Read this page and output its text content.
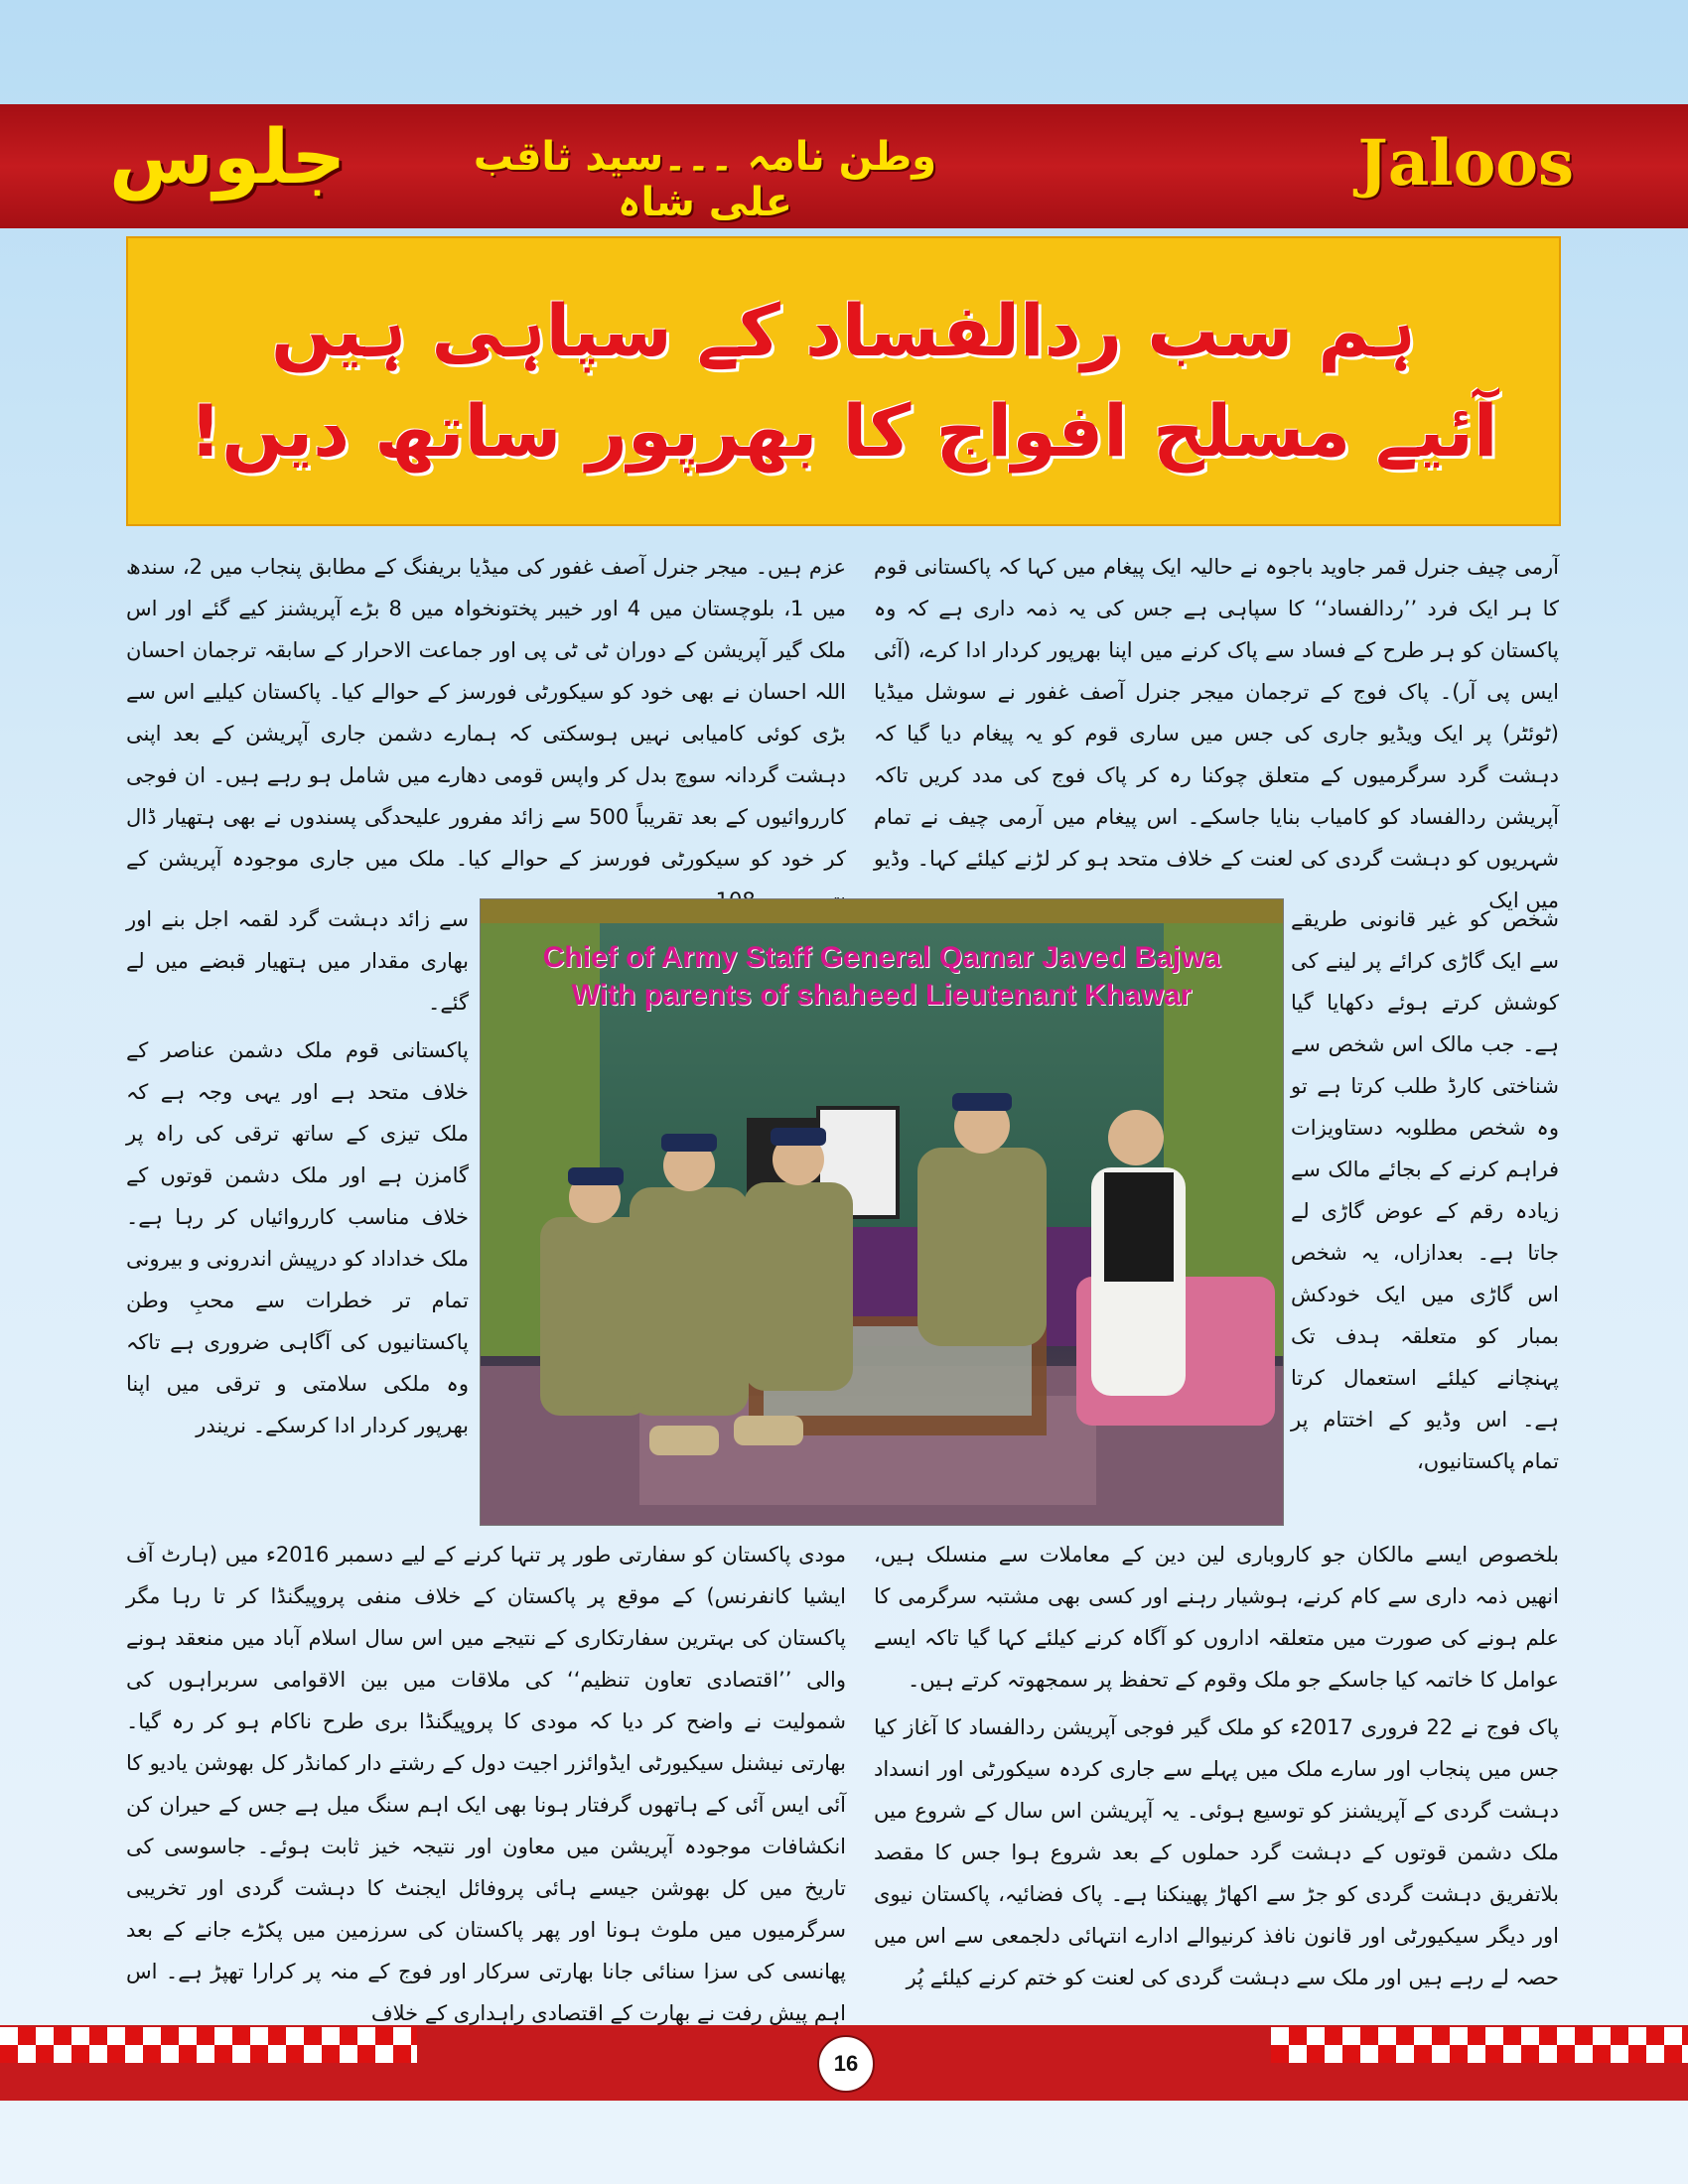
جلوس	وطن نامہ ۔۔۔سید ثاقب علی شاہ
Jaloos
ہم سب ردالفساد کے سپاہی ہیں
آئیے مسلح افواج کا بھرپور ساتھ دیں!

آرمی چیف جنرل قمر جاوید باجوہ نے حالیہ ایک پیغام میں کہا کہ پاکستانی قوم کا ہر ایک فرد ’’ردالفساد‘‘ کا سپاہی ہے جس کی یہ ذمہ داری ہے کہ وہ پاکستان کو ہر طرح کے فساد سے پاک کرنے میں اپنا بھرپور کردار ادا کرے، (آئی ایس پی آر)۔ پاک فوج کے ترجمان میجر جنرل آصف غفور نے سوشل میڈیا (ٹوئٹر) پر ایک ویڈیو جاری کی جس میں ساری قوم کو یہ پیغام دیا گیا کہ دہشت گرد سرگرمیوں کے متعلق چوکنا رہ کر پاک فوج کی مدد کریں تاکہ آپریشن ردالفساد کو کامیاب بنایا جاسکے۔ اس پیغام میں آرمی چیف نے تمام شہریوں کو دہشت گردی کی لعنت کے خلاف متحد ہو کر لڑنے کیلئے کہا۔ وڈیو میں ایک

شخص کو غیر قانونی طریقے سے ایک گاڑی کرائے پر لینے کی کوشش کرتے ہوئے دکھایا گیا ہے۔ جب مالک اس شخص سے شناختی کارڈ طلب کرتا ہے تو وہ شخص مطلوبہ دستاویزات فراہم کرنے کے بجائے مالک سے زیادہ رقم کے عوض گاڑی لے جاتا ہے۔ بعدازاں، یہ شخص اس گاڑی میں ایک خودکش بمبار کو متعلقہ ہدف تک پہنچانے کیلئے استعمال کرتا ہے۔ اس وڈیو کے اختتام پر تمام پاکستانیوں،

بلخصوص ایسے مالکان جو کاروباری لین دین کے معاملات سے منسلک ہیں، انھیں ذمہ داری سے کام کرنے، ہوشیار رہنے اور کسی بھی مشتبہ سرگرمی کا علم ہونے کی صورت میں متعلقہ اداروں کو آگاہ کرنے کیلئے کہا گیا تاکہ ایسے عوامل کا خاتمہ کیا جاسکے جو ملک وقوم کے تحفظ پر سمجھوتہ کرتے ہیں۔

پاک فوج نے 22 فروری 2017ء کو ملک گیر فوجی آپریشن ردالفساد کا آغاز کیا جس میں پنجاب اور سارے ملک میں پہلے سے جاری کردہ سیکورٹی اور انسداد دہشت گردی کے آپریشنز کو توسیع ہوئی۔ یہ آپریشن اس سال کے شروع میں ملک دشمن قوتوں کے دہشت گرد حملوں کے بعد شروع ہوا جس کا مقصد بلاتفریق دہشت گردی کو جڑ سے اکھاڑ پھینکنا ہے۔ پاک فضائیہ، پاکستان نیوی اور دیگر سیکیورٹی اور قانون نافذ کرنیوالے ادارے انتہائی دلجمعی سے اس میں حصہ لے رہے ہیں اور ملک سے دہشت گردی کی لعنت کو ختم کرنے کیلئے پُر

عزم ہیں۔ میجر جنرل آصف غفور کی میڈیا بریفنگ کے مطابق پنجاب میں 2، سندھ میں 1، بلوچستان میں 4 اور خیبر پختونخواہ میں 8 بڑے آپریشنز کیے گئے اور اس ملک گیر آپریشن کے دوران ٹی ٹی پی اور جماعت الاحرار کے سابقہ ترجمان احسان اللہ احسان نے بھی خود کو سیکورٹی فورسز کے حوالے کیا۔ پاکستان کیلیے اس سے بڑی کوئی کامیابی نہیں ہوسکتی کہ ہمارے دشمن جاری آپریشن کے بعد اپنی دہشت گردانہ سوچ بدل کر واپس قومی دھارے میں شامل ہو رہے ہیں۔ ان فوجی کارروائیوں کے بعد تقریباً 500 سے زائد مفرور علیحدگی پسندوں نے بھی ہتھیار ڈال کر خود کو سیکورٹی فورسز کے حوالے کیا۔ ملک میں جاری موجودہ آپریشن کے

سے زائد دہشت گرد لقمہ اجل بنے اور بھاری مقدار میں ہتھیار قبضے میں لے گئے۔

پاکستانی قوم ملک دشمن عناصر کے خلاف متحد ہے اور یہی وجہ ہے کہ ملک تیزی کے ساتھ ترقی کی راہ پر گامزن ہے اور ملک دشمن قوتوں کے خلاف مناسب کارروائیاں کر رہا ہے۔ ملک خداداد کو درپیش اندرونی و بیرونی تمام تر خطرات سے محبِ وطن پاکستانیوں کی آگاہی ضروری ہے تاکہ وہ ملکی سلامتی و ترقی میں اپنا بھرپور کردار ادا کرسکے۔ نریندر

مودی پاکستان کو سفارتی طور پر تنہا کرنے کے لیے دسمبر 2016ء میں (ہارٹ آف ایشیا کانفرنس) کے موقع پر پاکستان کے خلاف منفی پروپیگنڈا کر تا رہا مگر پاکستان کی بہترین سفارتکاری کے نتیجے میں اس سال اسلام آباد میں منعقد ہونے والی ’’اقتصادی تعاون تنظیم‘‘ کی ملاقات میں بین الاقوامی سربراہوں کی شمولیت نے واضح کر دیا کہ مودی کا پروپیگنڈا بری طرح ناکام ہو کر رہ گیا۔ بھارتی نیشنل سیکیورٹی ایڈوائزر اجیت دول کے رشتے دار کمانڈر کل بھوشن یادیو کا آئی ایس آئی کے ہاتھوں گرفتار ہونا بھی ایک اہم سنگ میل ہے جس کے حیران کن انکشافات موجودہ آپریشن میں معاون اور نتیجہ خیز ثابت ہوئے۔ جاسوسی کی تاریخ میں کل بھوشن جیسے ہائی پروفائل ایجنٹ کا دہشت گردی اور تخریبی سرگرمیوں میں ملوث ہونا اور پھر پاکستان کی سرزمین میں پکڑے جانے کے بعد پھانسی کی سزا سنائی جانا بھارتی سرکار اور فوج کے منہ پر کرارا تھپڑ ہے۔ اس اہم پیش رفت نے بھارت کے اقتصادی راہداری کے خلاف

Chief of Army Staff General Qamar Javed Bajwa
With parents of shaheed Lieutenant Khawar
16
